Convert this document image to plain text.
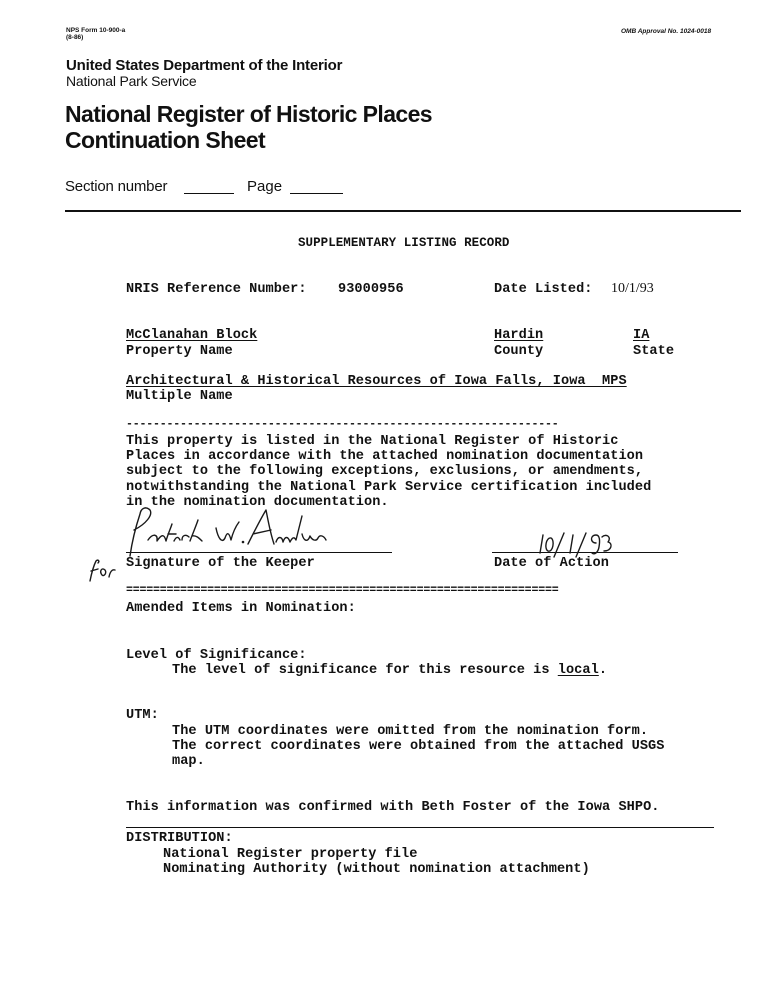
NPS Form 10-900-a
(8-86)
OMB Approval No. 1024-0018
United States Department of the Interior
National Park Service
National Register of Historic Places
Continuation Sheet
Section number	Page
SUPPLEMENTARY LISTING RECORD
NRIS Reference Number: 93000956	Date Listed: 10/1/93
McClanahan Block
Property Name
Hardin
County
IA
State
Architectural & Historical Resources of Iowa Falls, Iowa  MPS
Multiple Name
----------------------------------------------------------------
This property is listed in the National Register of Historic
Places in accordance with the attached nomination documentation
subject to the following exceptions, exclusions, or amendments,
notwithstanding the National Park Service certification included
in the nomination documentation.
Signature of the Keeper	Date of Action
================================================================
Amended Items in Nomination:
Level of Significance:
The level of significance for this resource is local.
UTM:
The UTM coordinates were omitted from the nomination form.
The correct coordinates were obtained from the attached USGS
map.
This information was confirmed with Beth Foster of the Iowa SHPO.
DISTRIBUTION:
National Register property file
Nominating Authority (without nomination attachment)
